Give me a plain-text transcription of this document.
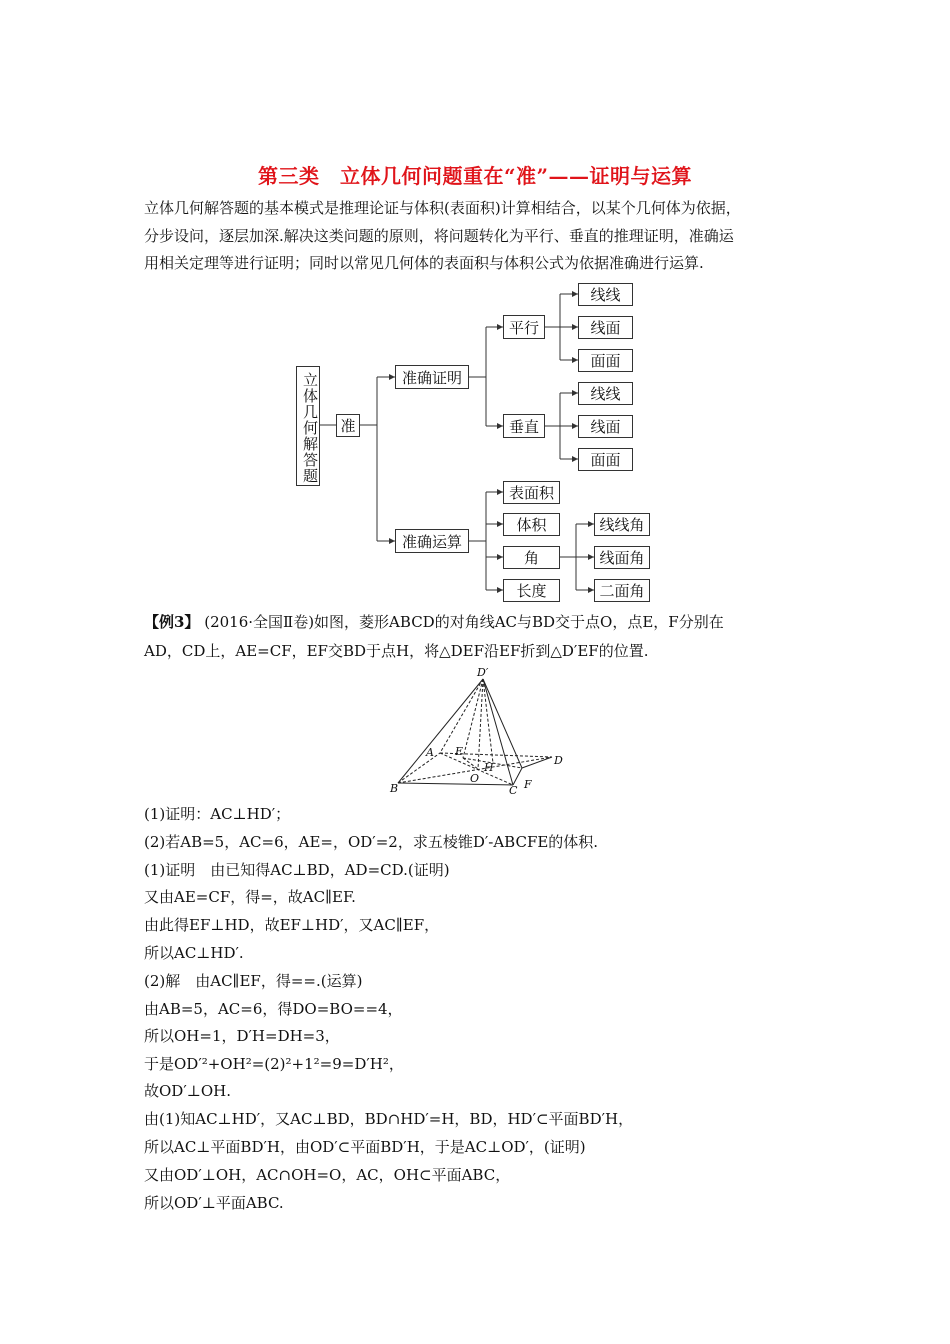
第三类　立体几何问题重在“准”——证明与运算

立体几何解答题的基本模式是推理论证与体积(表面积)计算相结合，以某个几何体为依据，

分步设问，逐层加深.解决这类问题的原则，将问题转化为平行、垂直的推理证明，准确运

用相关定理等进行证明；同时以常见几何体的表面积与体积公式为依据准确进行运算.

立体几何解答题 准
准确证明
准确运算
平行
垂直
线线
线面
面面
线线
线面
面面
表面积
体积
角
长度
线线角
线面角
二面角
【例3】 (2016·全国Ⅱ卷)如图，菱形ABCD的对角线AC与BD交于点O，点E，F分别在
AD，CD上，AE=CF，EF交BD于点H，将△DEF沿EF折到△D′EF的位置.
D′
A E
H
O
D
B	C F
(1)证明：AC⊥HD′；
(2)若AB=5，AC=6，AE=，OD′=2，求五棱锥D′-ABCFE的体积.
(1)证明　由已知得AC⊥BD，AD=CD.(证明)
又由AE=CF，得=，故AC∥EF.
由此得EF⊥HD，故EF⊥HD′，又AC∥EF，
所以AC⊥HD′.
(2)解　由AC∥EF，得==.(运算)
由AB=5，AC=6，得DO=BO==4，
所以OH=1，D′H=DH=3，
于是OD′²+OH²=(2)²+1²=9=D′H²，
故OD′⊥OH.
由(1)知AC⊥HD′，又AC⊥BD，BD∩HD′=H，BD，HD′⊂平面BD′H，
所以AC⊥平面BD′H，由OD′⊂平面BD′H，于是AC⊥OD′，(证明)
又由OD′⊥OH，AC∩OH=O，AC，OH⊂平面ABC，
所以OD′⊥平面ABC.
